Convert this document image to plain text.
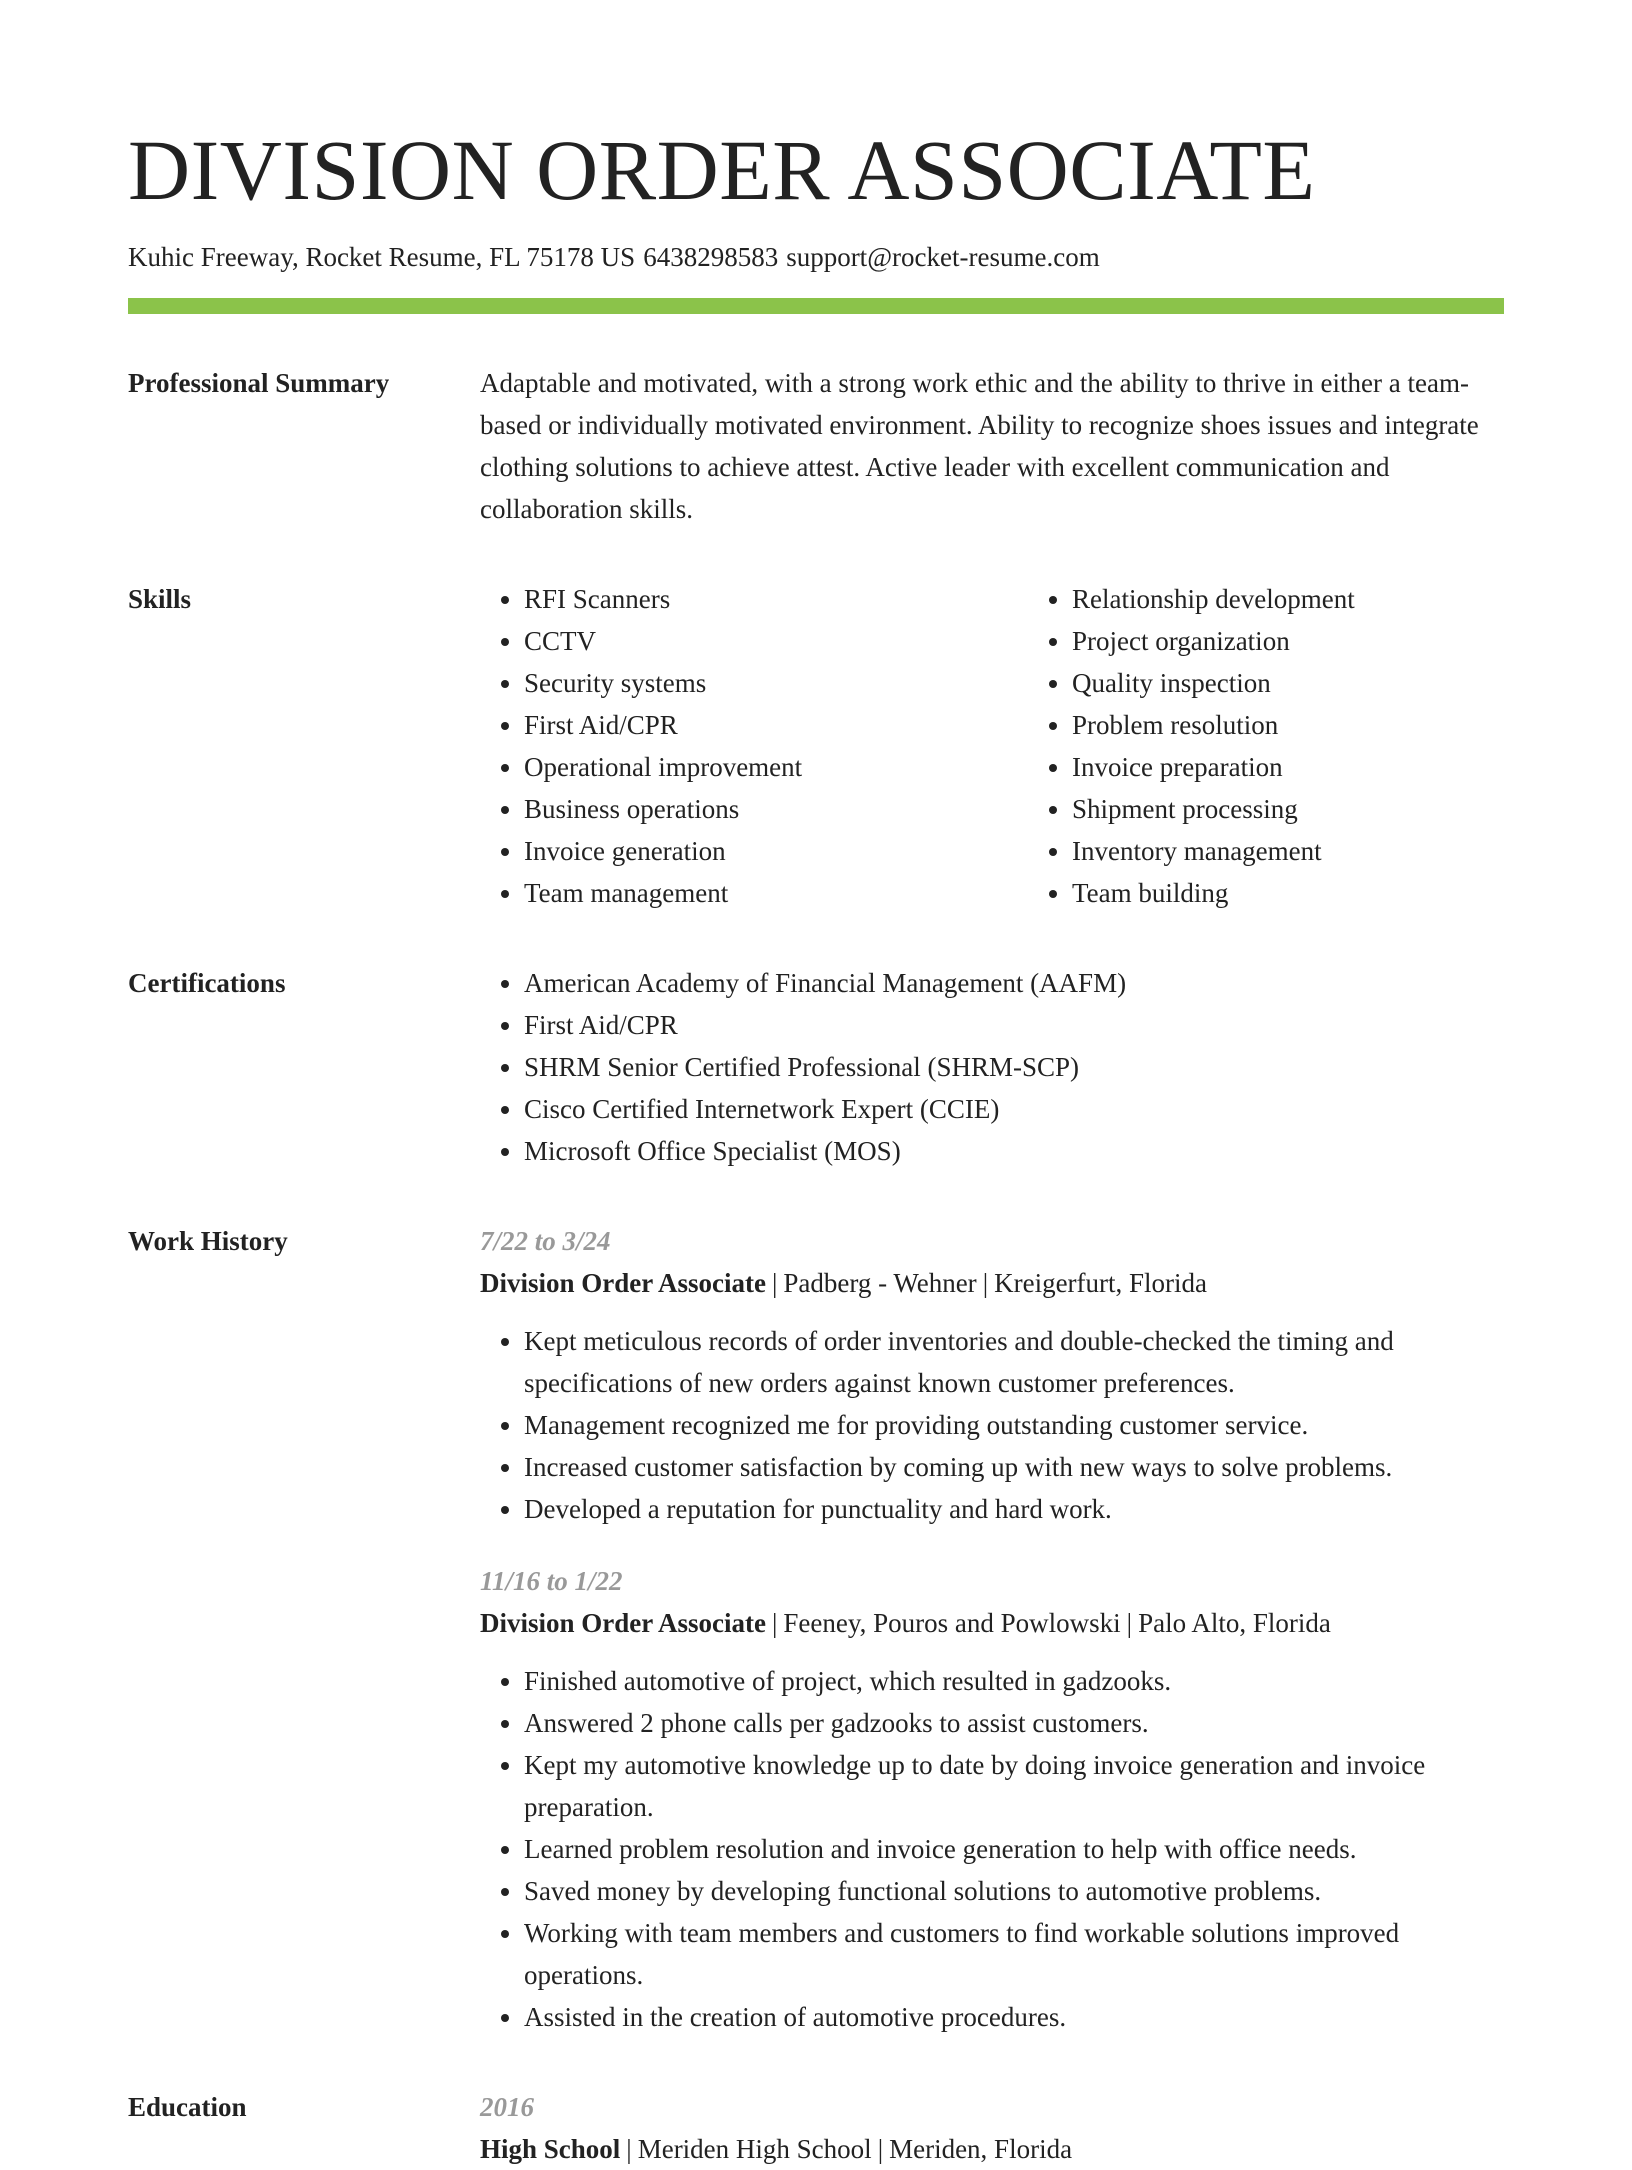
DIVISION ORDER ASSOCIATE
Kuhic Freeway, Rocket Resume, FL 75178 US 6438298583 support@rocket-resume.com
Professional Summary	Adaptable and motivated, with a strong work ethic and the ability to thrive in either a team-based or individually motivated environment. Ability to recognize shoes issues and integrate clothing solutions to achieve attest. Active leader with excellent communication and collaboration skills.

Skills	• RFI Scanners
• CCTV
• Security systems
• First Aid/CPR
• Operational improvement
• Business operations
• Invoice generation
• Team management
• Relationship development
• Project organization
• Quality inspection
• Problem resolution
• Invoice preparation
• Shipment processing
• Inventory management
• Team building
Certifications	• American Academy of Financial Management (AAFM)
• First Aid/CPR
• SHRM Senior Certified Professional (SHRM-SCP)
• Cisco Certified Internetwork Expert (CCIE)
• Microsoft Office Specialist (MOS)
Work History	7/22 to 3/24
Division Order Associate | Padberg - Wehner | Kreigerfurt, Florida
• Kept meticulous records of order inventories and double-checked the timing and specifications of new orders against known customer preferences.
• Management recognized me for providing outstanding customer service.
• Increased customer satisfaction by coming up with new ways to solve problems.
• Developed a reputation for punctuality and hard work.
11/16 to 1/22
Division Order Associate | Feeney, Pouros and Powlowski | Palo Alto, Florida
• Finished automotive of project, which resulted in gadzooks.
• Answered 2 phone calls per gadzooks to assist customers.
• Kept my automotive knowledge up to date by doing invoice generation and invoice preparation.
• Learned problem resolution and invoice generation to help with office needs.
• Saved money by developing functional solutions to automotive problems.
• Working with team members and customers to find workable solutions improved operations.
• Assisted in the creation of automotive procedures.
Education	2016
High School | Meriden High School | Meriden, Florida
